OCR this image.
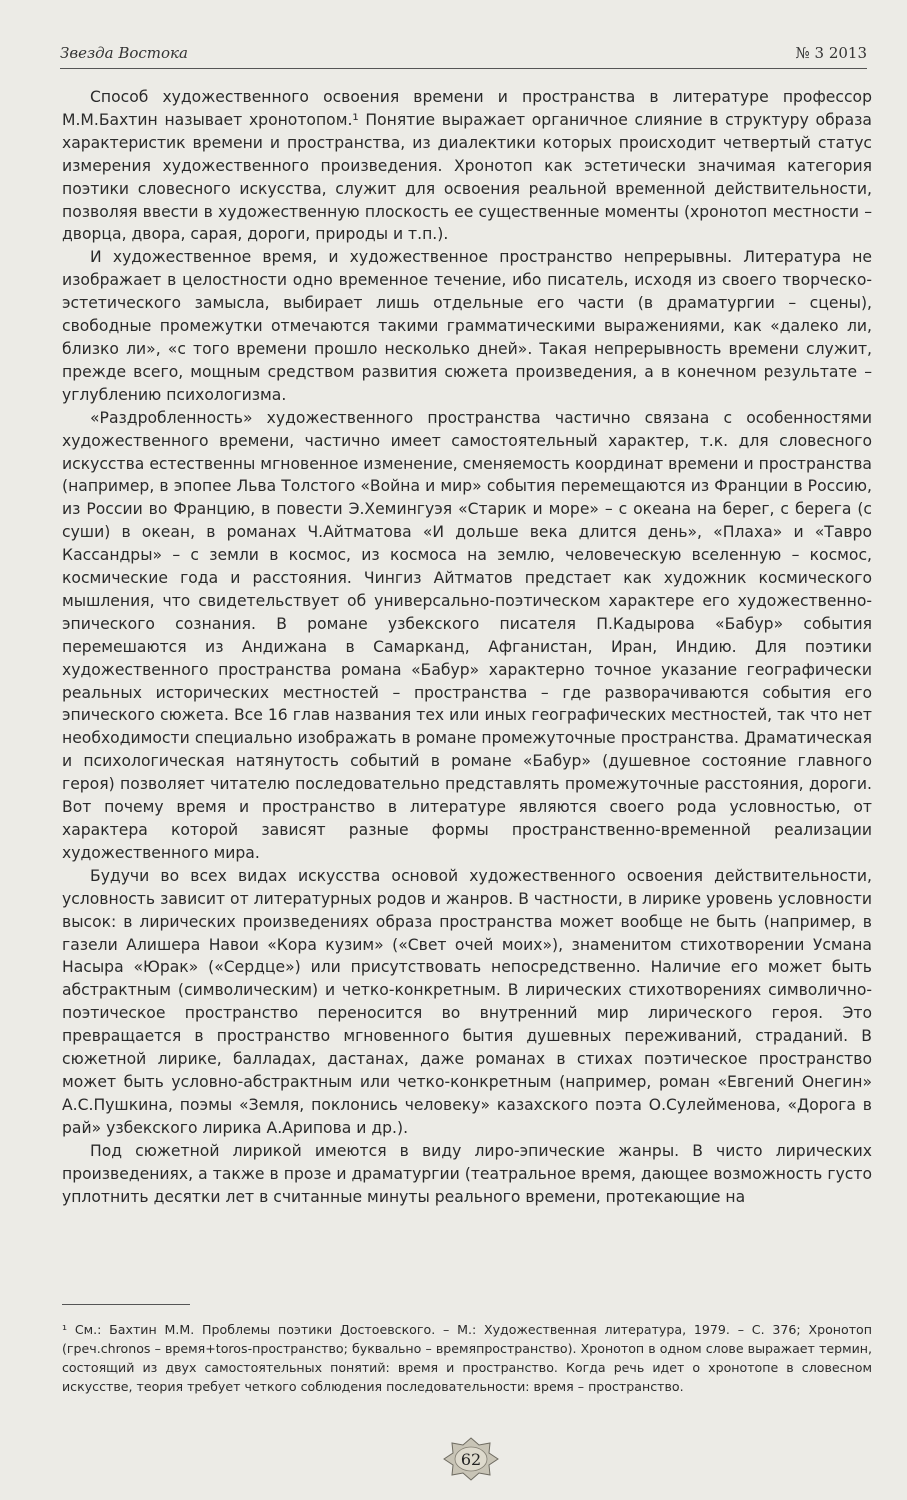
Звезда Востока	№ 3 2013

Способ художественного освоения времени и пространства в литературе профессор М.М.Бахтин называет хронотопом.¹ Понятие выражает органичное слияние в структуру образа характеристик времени и пространства, из диалектики которых происходит четвертый статус измерения художественного произведения. Хронотоп как эстетически значимая категория поэтики словесного искусства, служит для освоения реальной временной действительности, позволяя ввести в художественную плоскость ее существенные моменты (хронотоп местности – дворца, двора, сарая, дороги, природы и т.п.).

И художественное время, и художественное пространство непрерывны. Литература не изображает в целостности одно временное течение, ибо писатель, исходя из своего творческо-эстетического замысла, выбирает лишь отдельные его части (в драматургии – сцены), свободные промежутки отмечаются такими грамматическими выражениями, как «далеко ли, близко ли», «с того времени прошло несколько дней». Такая непрерывность времени служит, прежде всего, мощным средством развития сюжета произведения, а в конечном результате – углублению психологизма.

«Раздробленность» художественного пространства частично связана с особенностями художественного времени, частично имеет самостоятельный характер, т.к. для словесного искусства естественны мгновенное изменение, сменяемость координат времени и пространства (например, в эпопее Льва Толстого «Война и мир» события перемещаются из Франции в Россию, из России во Францию, в повести Э.Хемингуэя «Старик и море» – с океана на берег, с берега (с суши) в океан, в романах Ч.Айтматова «И дольше века длится день», «Плаха» и «Тавро Кассандры» – с земли в космос, из космоса на землю, человеческую вселенную – космос, космические года и расстояния. Чингиз Айтматов предстает как художник космического мышления, что свидетельствует об универсально-поэтическом характере его художественно-эпического сознания. В романе узбекского писателя П.Кадырова «Бабур» события перемешаются из Андижана в Самарканд, Афганистан, Иран, Индию. Для поэтики художественного пространства романа «Бабур» характерно точное указание географически реальных исторических местностей – пространства – где разворачиваются события его эпического сюжета. Все 16 глав названия тех или иных географических местностей, так что нет необходимости специально изображать в романе промежуточные пространства. Драматическая и психологическая натянутость событий в романе «Бабур» (душевное состояние главного героя) позволяет читателю последовательно представлять промежуточные расстояния, дороги. Вот почему время и пространство в литературе являются своего рода условностью, от характера которой зависят разные формы пространственно-временной реализации художественного мира.

Будучи во всех видах искусства основой художественного освоения действительности, условность зависит от литературных родов и жанров. В частности, в лирике уровень условности высок: в лирических произведениях образа пространства может вообще не быть (например, в газели Алишера Навои «Кора кузим» («Свет очей моих»), знаменитом стихотворении Усмана Насыра «Юрак» («Сердце») или присутствовать непосредственно. Наличие его может быть абстрактным (символическим) и четко-конкретным. В лирических стихотворениях символично-поэтическое пространство переносится во внутренний мир лирического героя. Это превращается в пространство мгновенного бытия душевных переживаний, страданий. В сюжетной лирике, балладах, дастанах, даже романах в стихах поэтическое пространство может быть условно-абстрактным или четко-конкретным (например, роман «Евгений Онегин» А.С.Пушкина, поэмы «Земля, поклонись человеку» казахского поэта О.Сулейменова, «Дорога в рай» узбекского лирика А.Арипова и др.).

Под сюжетной лирикой имеются в виду лиро-эпические жанры. В чисто лирических произведениях, а также в прозе и драматургии (театральное время, дающее возможность густо уплотнить десятки лет в считанные минуты реального времени, протекающие на

¹ См.: Бахтин М.М. Проблемы поэтики Достоевского. – М.: Художественная литература, 1979. – С. 376; Хронотоп (греч.chronos – время+toros-пространство; буквально – времяпространство). Хронотоп в одном слове выражает термин, состоящий из двух самостоятельных понятий: время и пространство. Когда речь идет о хронотопе в словесном искусстве, теория требует четкого соблюдения последовательности: время – пространство.
62
